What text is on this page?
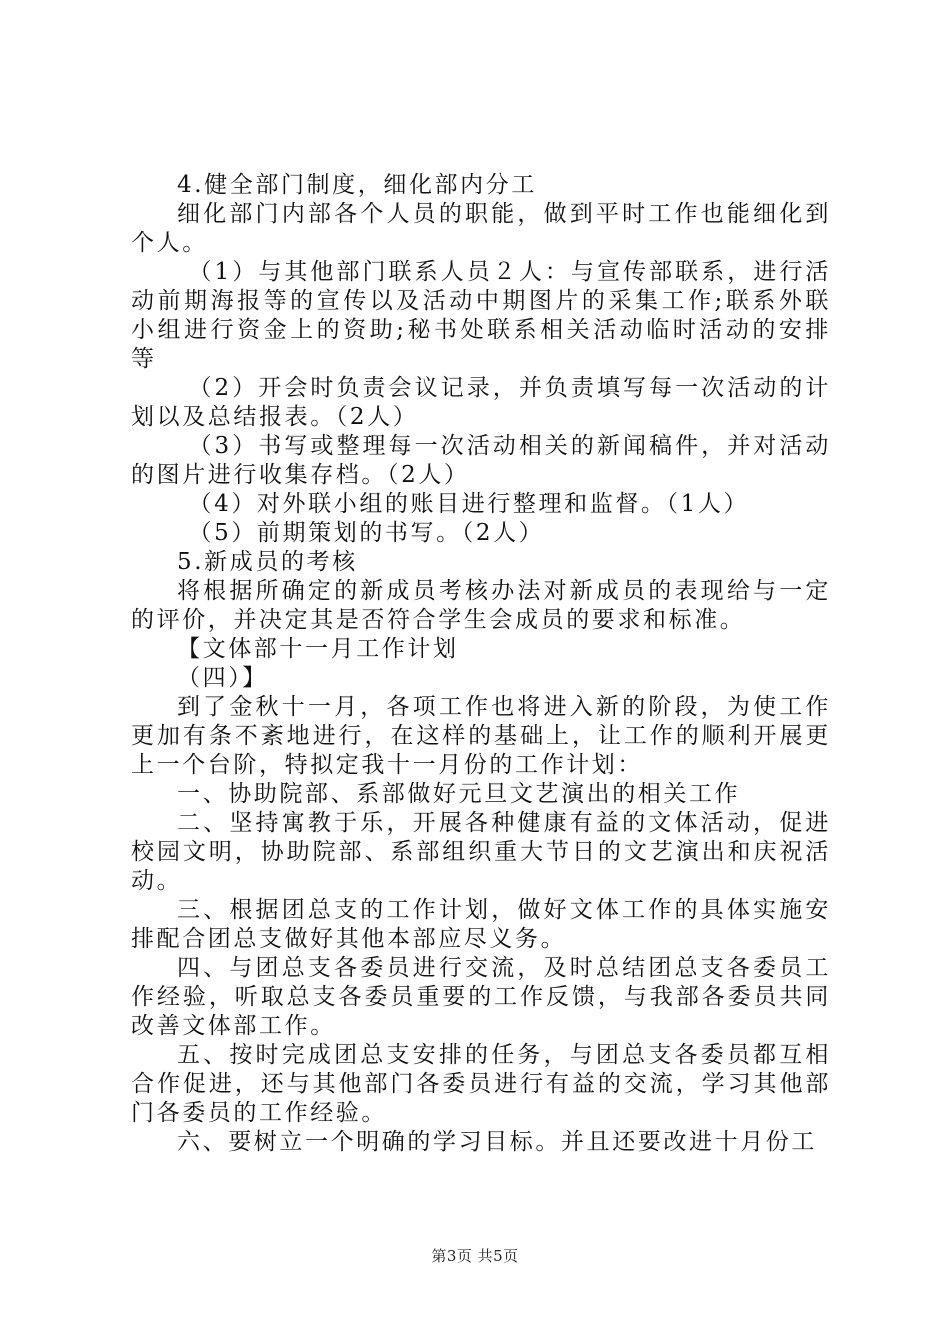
4.健全部门制度，细化部内分工

细化部门内部各个人员的职能，做到平时工作也能细化到个人。

（1）与其他部门联系人员２人：与宣传部联系，进行活动前期海报等的宣传以及活动中期图片的采集工作;联系外联小组进行资金上的资助;秘书处联系相关活动临时活动的安排等

（2）开会时负责会议记录，并负责填写每一次活动的计划以及总结报表。（2人）

（3）书写或整理每一次活动相关的新闻稿件，并对活动的图片进行收集存档。（2人）

（4）对外联小组的账目进行整理和监督。（1人）

（5）前期策划的书写。（2人）

5.新成员的考核

将根据所确定的新成员考核办法对新成员的表现给与一定的评价，并决定其是否符合学生会成员的要求和标准。

【文体部十一月工作计划

（四）】

到了金秋十一月，各项工作也将进入新的阶段，为使工作更加有条不紊地进行，在这样的基础上，让工作的顺利开展更上一个台阶，特拟定我十一月份的工作计划：

一、协助院部、系部做好元旦文艺演出的相关工作

二、坚持寓教于乐，开展各种健康有益的文体活动，促进校园文明，协助院部、系部组织重大节日的文艺演出和庆祝活动。

三、根据团总支的工作计划，做好文体工作的具体实施安排配合团总支做好其他本部应尽义务。

四、与团总支各委员进行交流，及时总结团总支各委员工作经验，听取总支各委员重要的工作反馈，与我部各委员共同改善文体部工作。

五、按时完成团总支安排的任务，与团总支各委员都互相合作促进，还与其他部门各委员进行有益的交流，学习其他部门各委员的工作经验。

六、要树立一个明确的学习目标。并且还要改进十月份工

第3页 共5页
